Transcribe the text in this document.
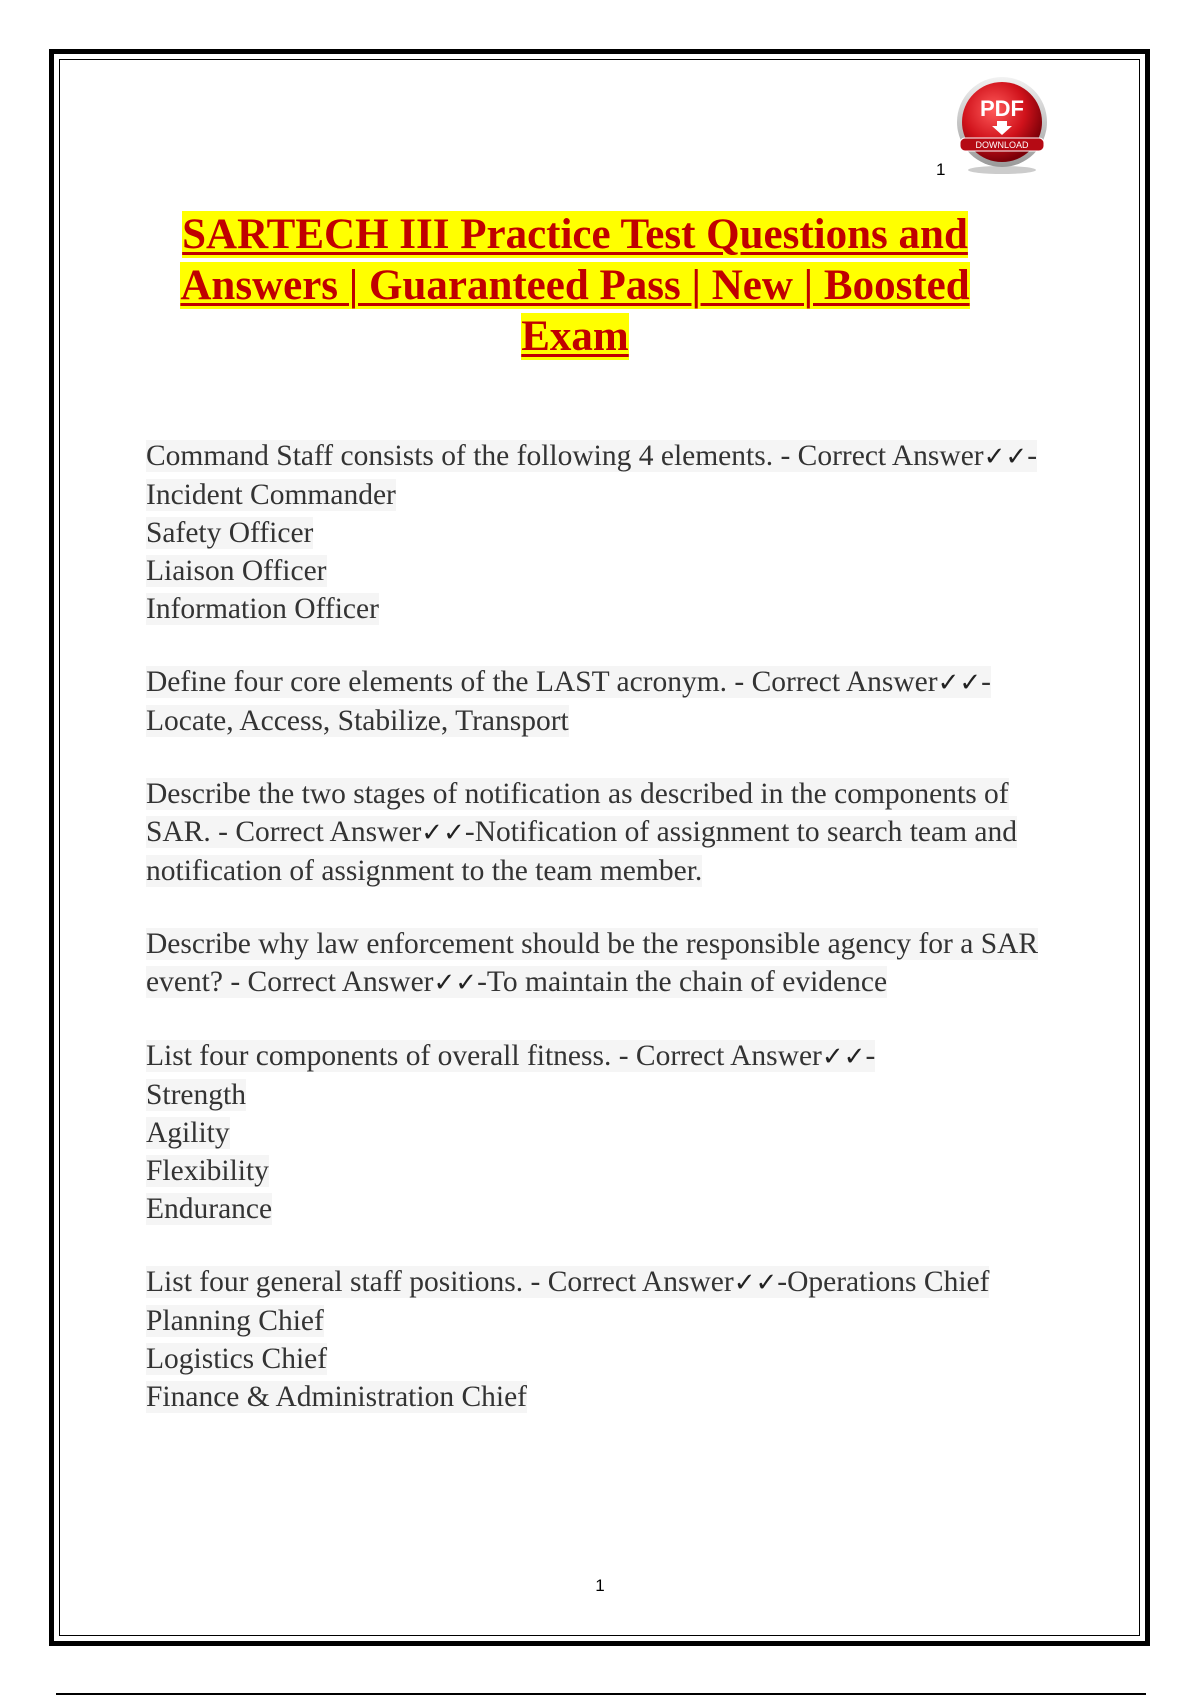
PDF
DOWNLOAD
1
SARTECH III Practice Test Questions and Answers | Guaranteed Pass | New | Boosted Exam
Command Staff consists of the following 4 elements. - Correct Answer✓✓-Incident Commander
Safety Officer
Liaison Officer
Information Officer
Define four core elements of the LAST acronym. - Correct Answer✓✓-Locate, Access, Stabilize, Transport
Describe the two stages of notification as described in the components of SAR. - Correct Answer✓✓-Notification of assignment to search team and notification of assignment to the team member.
Describe why law enforcement should be the responsible agency for a SAR event? - Correct Answer✓✓-To maintain the chain of evidence
List four components of overall fitness. - Correct Answer✓✓-
Strength
Agility
Flexibility
Endurance
List four general staff positions. - Correct Answer✓✓-Operations Chief
Planning Chief
Logistics Chief
Finance & Administration Chief
1
